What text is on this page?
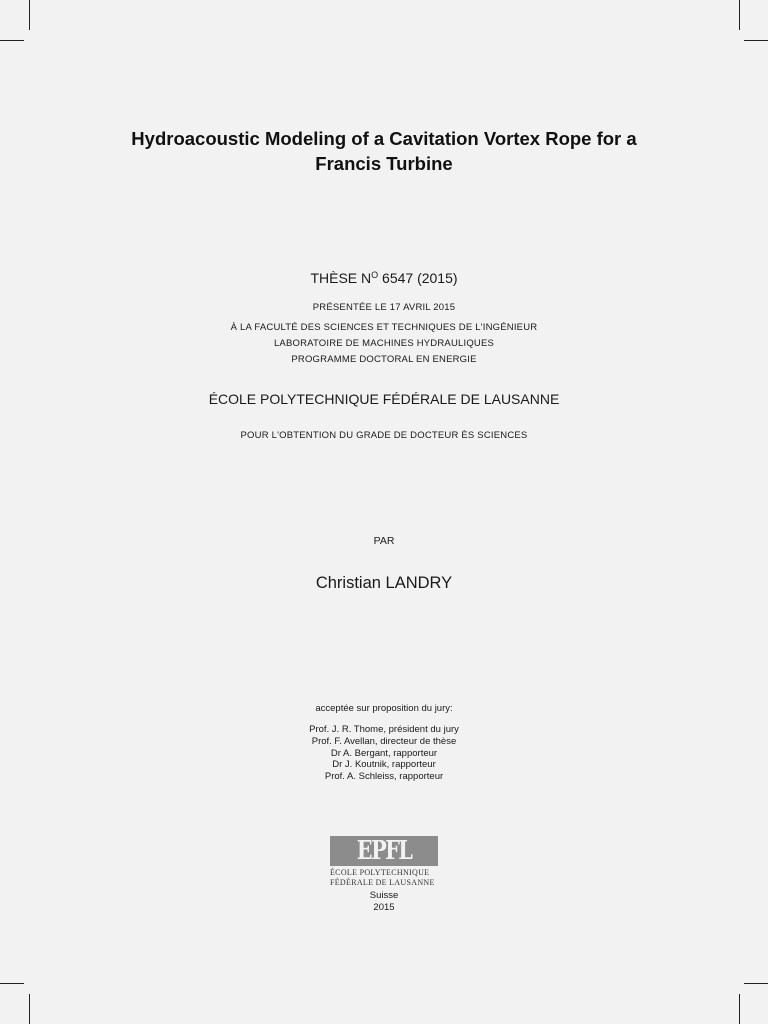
Hydroacoustic Modeling of a Cavitation Vortex Rope for a
Francis Turbine
THÈSE $N^O$ 6547 (2015)
PRÉSENTÉE LE 17 AVRIL 2015
À LA FACULTÉ DES SCIENCES ET TECHNIQUES DE L'INGÉNIEUR
LABORATOIRE DE MACHINES HYDRAULIQUES
PROGRAMME DOCTORAL EN ENERGIE
ÉCOLE POLYTECHNIQUE FÉDÉRALE DE LAUSANNE
POUR L'OBTENTION DU GRADE DE DOCTEUR ÈS SCIENCES
PAR
Christian LANDRY
acceptée sur proposition du jury:
Prof. J. R. Thome, président du jury
Prof. F. Avellan, directeur de thèse
Dr A. Bergant, rapporteur
Dr J. Koutnik, rapporteur
Prof. A. Schleiss, rapporteur
EPFL
ÉCOLE POLYTECHNIQUE
FÉDÉRALE DE LAUSANNE
Suisse
2015
